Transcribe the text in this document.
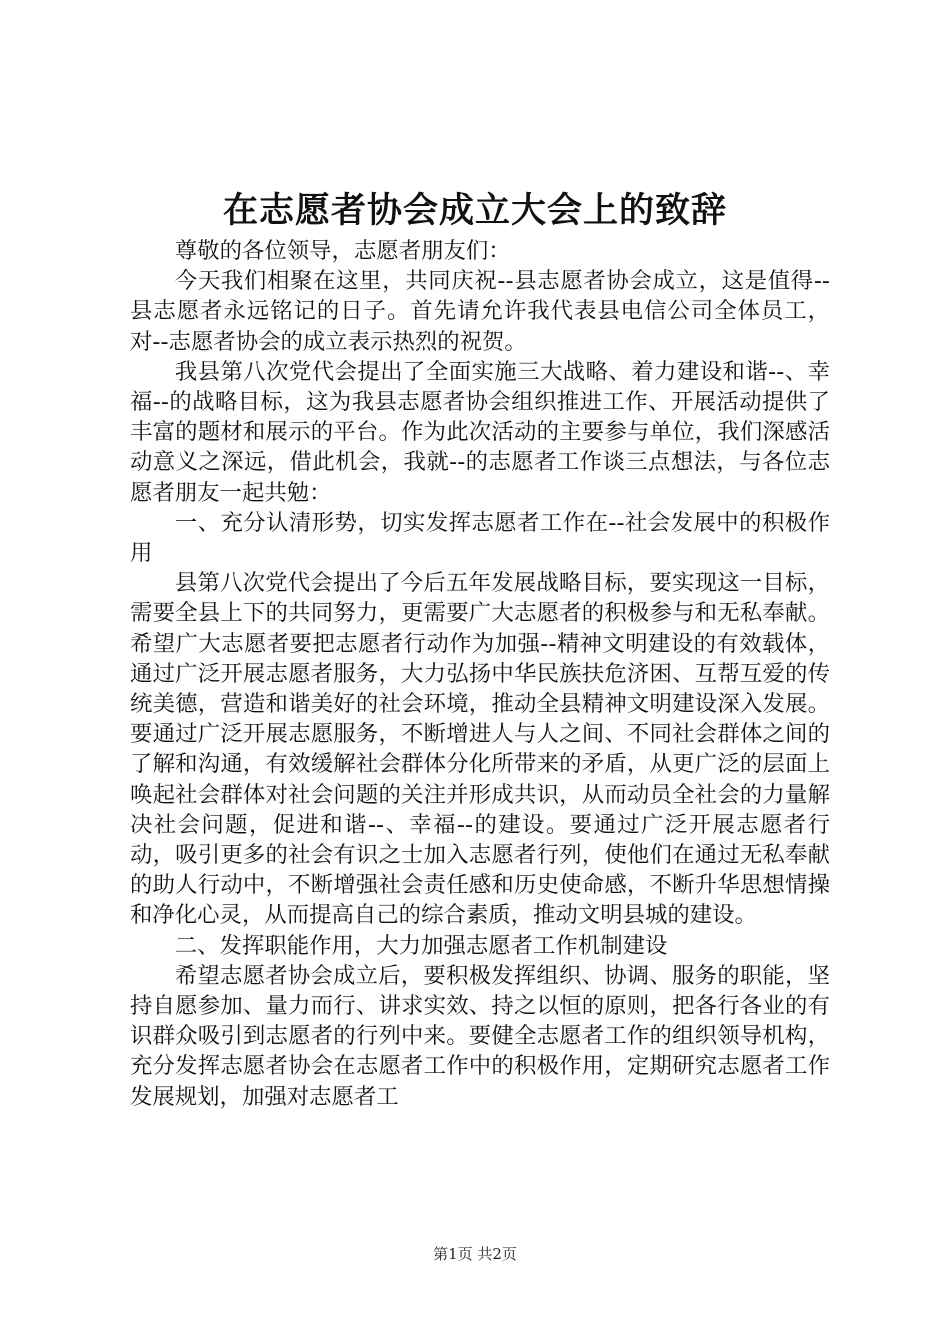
在志愿者协会成立大会上的致辞

尊敬的各位领导，志愿者朋友们：

今天我们相聚在这里，共同庆祝--县志愿者协会成立，这是值得--县志愿者永远铭记的日子。首先请允许我代表县电信公司全体员工，对--志愿者协会的成立表示热烈的祝贺。

我县第八次党代会提出了全面实施三大战略、着力建设和谐--、幸福--的战略目标，这为我县志愿者协会组织推进工作、开展活动提供了丰富的题材和展示的平台。作为此次活动的主要参与单位，我们深感活动意义之深远，借此机会，我就--的志愿者工作谈三点想法，与各位志愿者朋友一起共勉：

一、充分认清形势，切实发挥志愿者工作在--社会发展中的积极作用

县第八次党代会提出了今后五年发展战略目标，要实现这一目标，需要全县上下的共同努力，更需要广大志愿者的积极参与和无私奉献。希望广大志愿者要把志愿者行动作为加强--精神文明建设的有效载体，通过广泛开展志愿者服务，大力弘扬中华民族扶危济困、互帮互爱的传统美德，营造和谐美好的社会环境，推动全县精神文明建设深入发展。要通过广泛开展志愿服务，不断增进人与人之间、不同社会群体之间的了解和沟通，有效缓解社会群体分化所带来的矛盾，从更广泛的层面上唤起社会群体对社会问题的关注并形成共识，从而动员全社会的力量解决社会问题，促进和谐--、幸福--的建设。要通过广泛开展志愿者行动，吸引更多的社会有识之士加入志愿者行列，使他们在通过无私奉献的助人行动中，不断增强社会责任感和历史使命感，不断升华思想情操和净化心灵，从而提高自己的综合素质，推动文明县城的建设。

二、发挥职能作用，大力加强志愿者工作机制建设

希望志愿者协会成立后，要积极发挥组织、协调、服务的职能，坚持自愿参加、量力而行、讲求实效、持之以恒的原则，把各行各业的有识群众吸引到志愿者的行列中来。要健全志愿者工作的组织领导机构，充分发挥志愿者协会在志愿者工作中的积极作用，定期研究志愿者工作发展规划，加强对志愿者工

第1页 共2页
